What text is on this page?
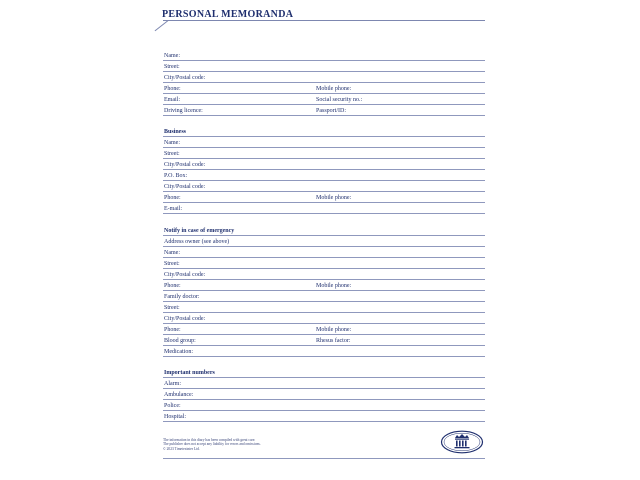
PERSONAL MEMORANDA
Name:
Street:
City/Postal code:
Phone:	Mobile phone:
Email:	Social security no.:
Driving licence:	Passport/ID:
Business
Name:
Street:
City/Postal code:
P.O. Box:
City/Postal code:
Phone:	Mobile phone:
E-mail:
Notify in case of emergency
Address owner (see above)
Name:
Street:
City/Postal code:
Phone:	Mobile phone:
Family doctor:
Street:
City/Postal code:
Phone:	Mobile phone:
Blood group:	Rhesus factor:
Medication:
Important numbers
Alarm:
Ambulance:
Police:
Hospital:
The information in this diary has been compiled with great care.
The publisher does not accept any liability for errors and omissions.
© 2023 Timetexinter Ltd.
